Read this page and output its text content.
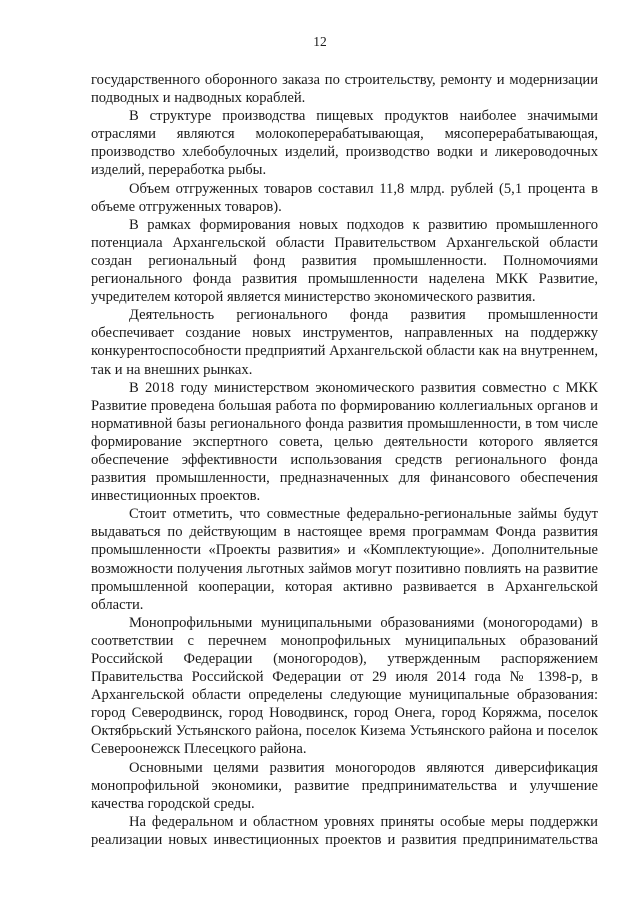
12

государственного оборонного заказа по строительству, ремонту и модернизации подводных и надводных кораблей.

В структуре производства пищевых продуктов наиболее значимыми отраслями являются молокоперерабатывающая, мясоперерабатывающая, производство хлебобулочных изделий, производство водки и ликероводочных изделий, переработка рыбы.

Объем отгруженных товаров составил 11,8 млрд. рублей (5,1 процента в объеме отгруженных товаров).

В рамках формирования новых подходов к развитию промышленного потенциала Архангельской области Правительством Архангельской области создан региональный фонд развития промышленности. Полномочиями регионального фонда развития промышленности наделена МКК Развитие, учредителем которой является министерство экономического развития.

Деятельность регионального фонда развития промышленности обеспечивает создание новых инструментов, направленных на поддержку конкурентоспособности предприятий Архангельской области как на внутреннем, так и на внешних рынках.

В 2018 году министерством экономического развития совместно с МКК Развитие проведена большая работа по формированию коллегиальных органов и нормативной базы регионального фонда развития промышленности, в том числе формирование экспертного совета, целью деятельности которого является обеспечение эффективности использования средств регионального фонда развития промышленности, предназначенных для финансового обеспечения инвестиционных проектов.

Стоит отметить, что совместные федерально-региональные займы будут выдаваться по действующим в настоящее время программам Фонда развития промышленности «Проекты развития» и «Комплектующие». Дополнительные возможности получения льготных займов могут позитивно повлиять на развитие промышленной кооперации, которая активно развивается в Архангельской области.

Монопрофильными муниципальными образованиями (моногородами) в соответствии с перечнем монопрофильных муниципальных образований Российской Федерации (моногородов), утвержденным распоряжением Правительства Российской Федерации от 29 июля 2014 года № 1398-р, в Архангельской области определены следующие муниципальные образования: город Северодвинск, город Новодвинск, город Онега, город Коряжма, поселок Октябрьский Устьянского района, поселок Кизема Устьянского района и поселок Североонежск Плесецкого района.

Основными целями развития моногородов являются диверсификация монопрофильной экономики, развитие предпринимательства и улучшение качества городской среды.

На федеральном и областном уровнях приняты особые меры поддержки реализации новых инвестиционных проектов и развития предпринимательства
